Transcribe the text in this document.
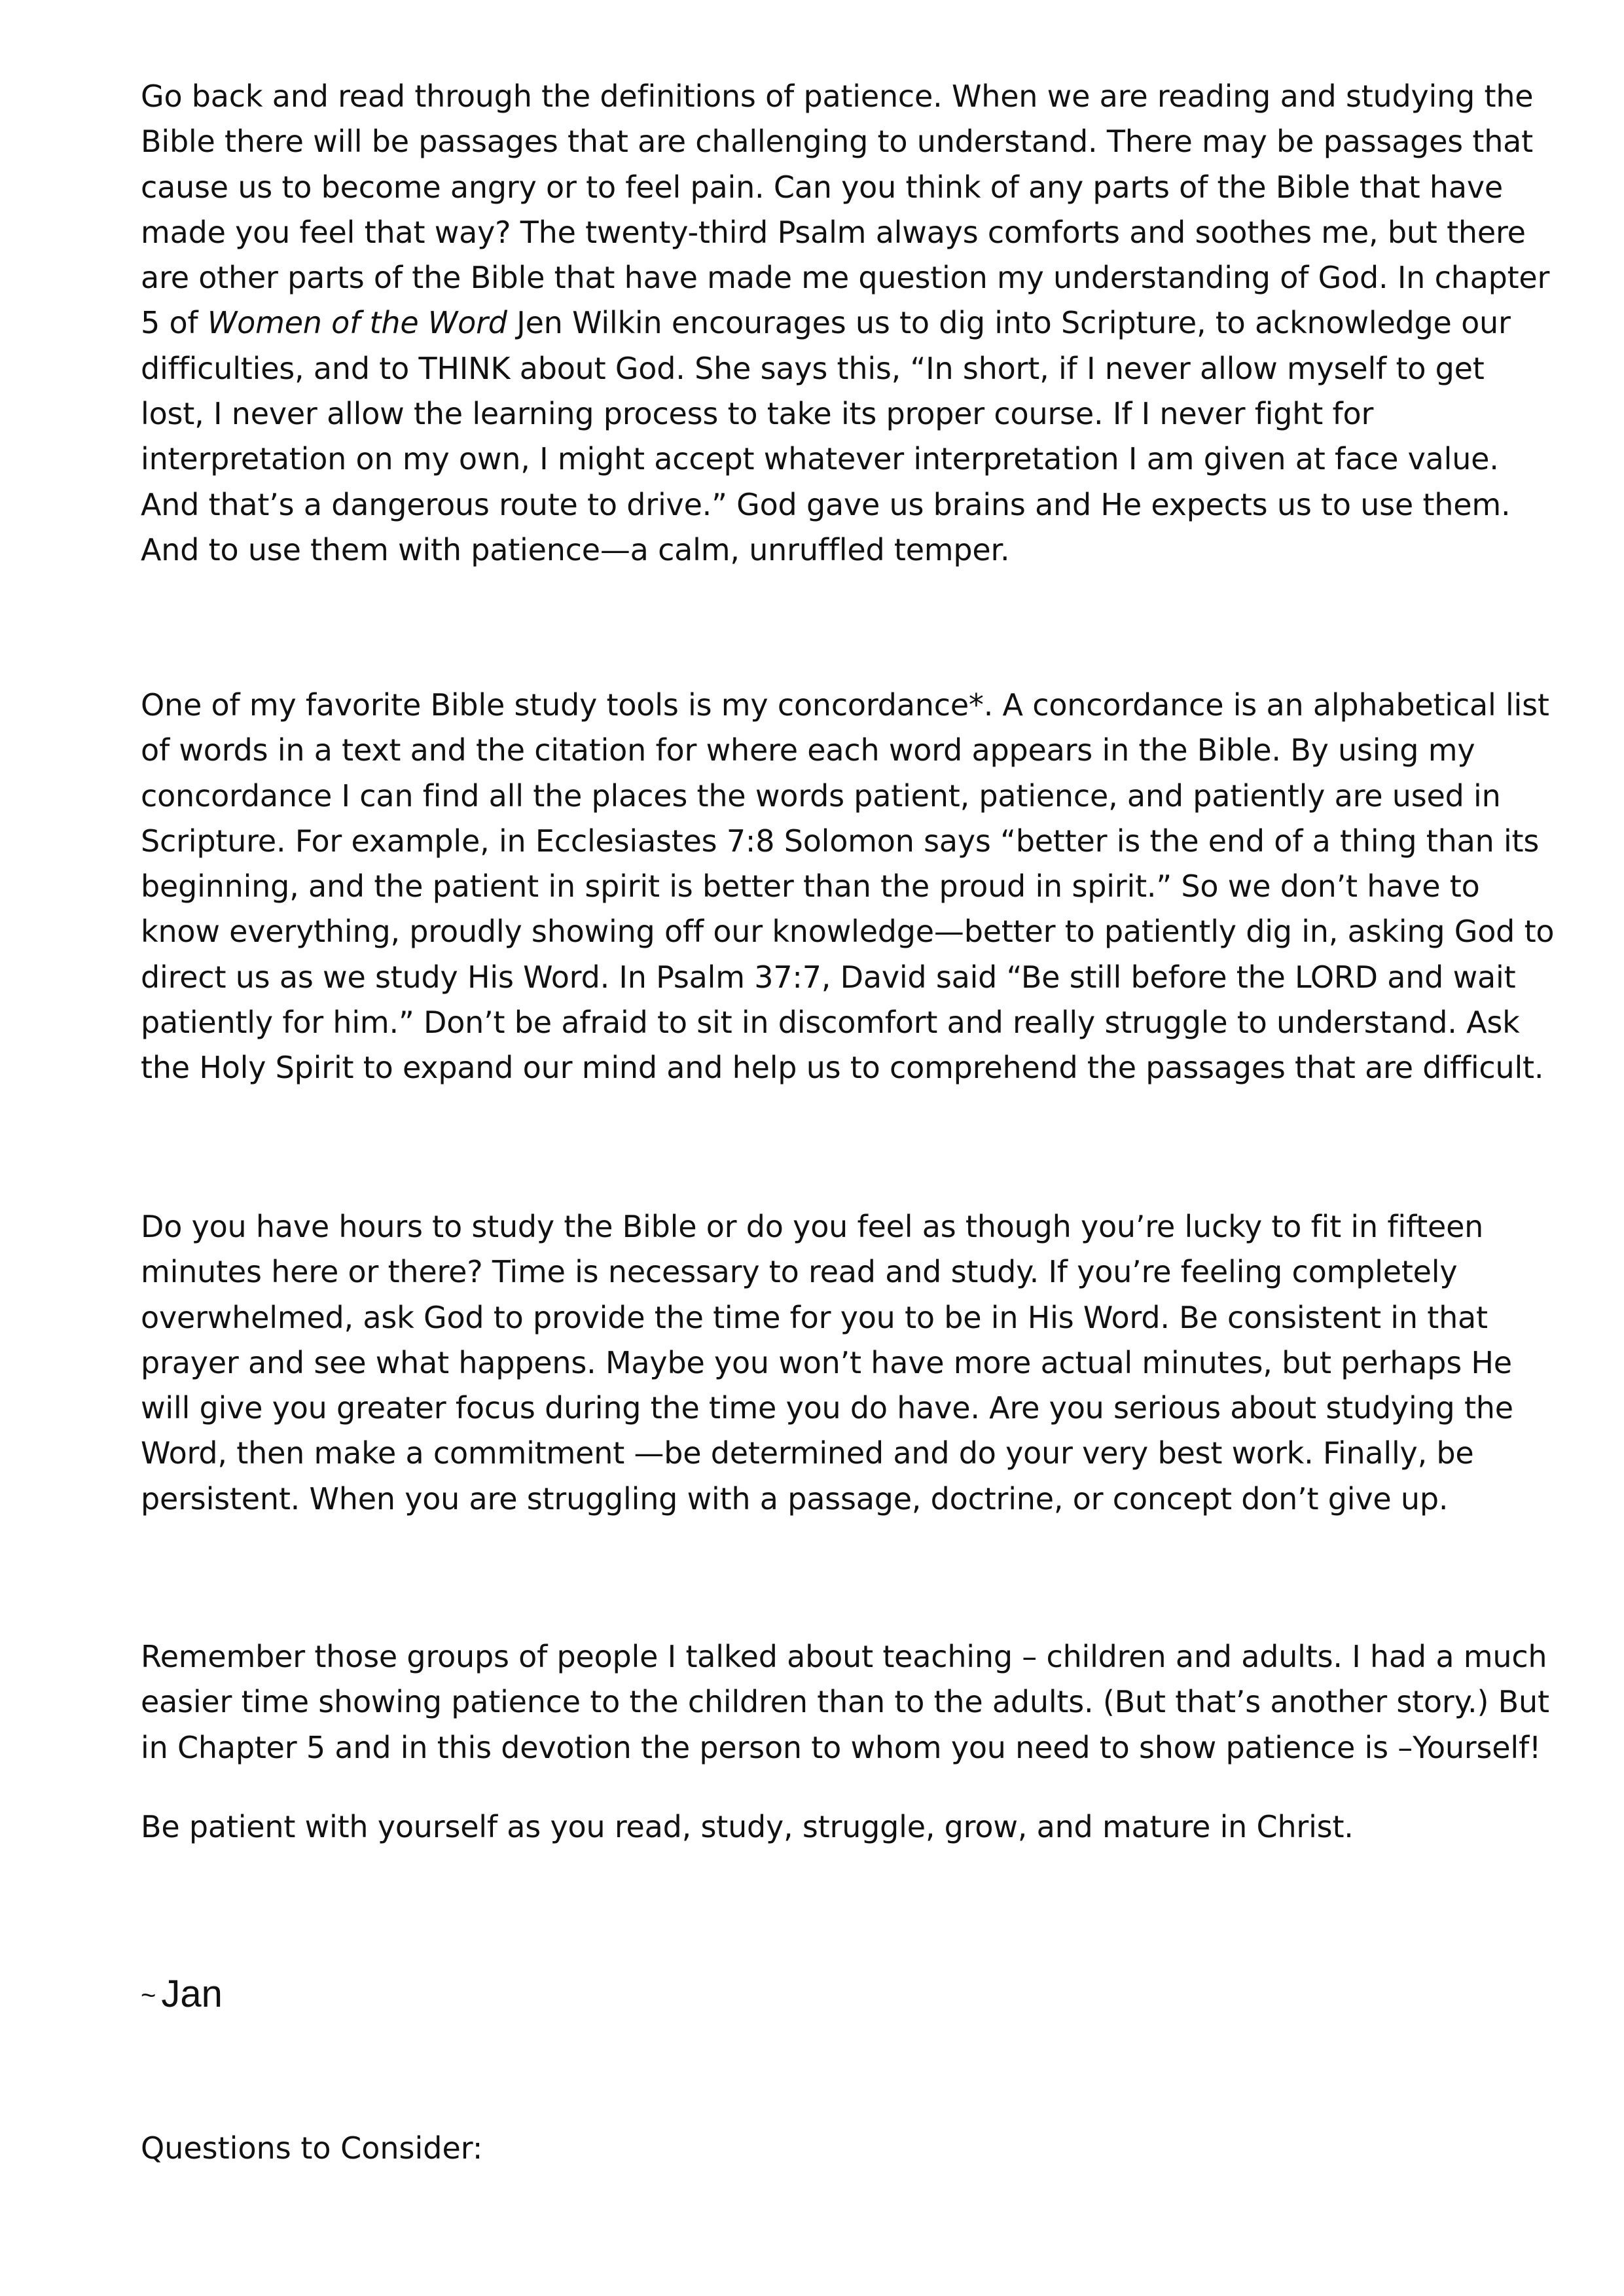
Go back and read through the definitions of patience. When we are reading and studying the Bible there will be passages that are challenging to understand. There may be passages that cause us to become angry or to feel pain. Can you think of any parts of the Bible that have made you feel that way? The twenty-third Psalm always comforts and soothes me, but there are other parts of the Bible that have made me question my understanding of God. In chapter 5 of Women of the Word Jen Wilkin encourages us to dig into Scripture, to acknowledge our difficulties, and to THINK about God. She says this, “In short, if I never allow myself to get lost, I never allow the learning process to take its proper course. If I never fight for interpretation on my own, I might accept whatever interpretation I am given at face value. And that’s a dangerous route to drive.” God gave us brains and He expects us to use them. And to use them with patience—a calm, unruffled temper.

One of my favorite Bible study tools is my concordance*. A concordance is an alphabetical list of words in a text and the citation for where each word appears in the Bible. By using my concordance I can find all the places the words patient, patience, and patiently are used in Scripture. For example, in Ecclesiastes 7:8 Solomon says “better is the end of a thing than its beginning, and the patient in spirit is better than the proud in spirit.” So we don’t have to know everything, proudly showing off our knowledge—better to patiently dig in, asking God to direct us as we study His Word. In Psalm 37:7, David said “Be still before the LORD and wait patiently for him.” Don’t be afraid to sit in discomfort and really struggle to understand. Ask the Holy Spirit to expand our mind and help us to comprehend the passages that are difficult.

Do you have hours to study the Bible or do you feel as though you’re lucky to fit in fifteen minutes here or there? Time is necessary to read and study. If you’re feeling completely overwhelmed, ask God to provide the time for you to be in His Word. Be consistent in that prayer and see what happens. Maybe you won’t have more actual minutes, but perhaps He will give you greater focus during the time you do have. Are you serious about studying the Word, then make a commitment —be determined and do your very best work. Finally, be persistent. When you are struggling with a passage, doctrine, or concept don’t give up.

Remember those groups of people I talked about teaching – children and adults. I had a much easier time showing patience to the children than to the adults. (But that’s another story.) But in Chapter 5 and in this devotion the person to whom you need to show patience is –Yourself!

Be patient with yourself as you read, study, struggle, grow, and mature in Christ.

~ Jan

Questions to Consider:
